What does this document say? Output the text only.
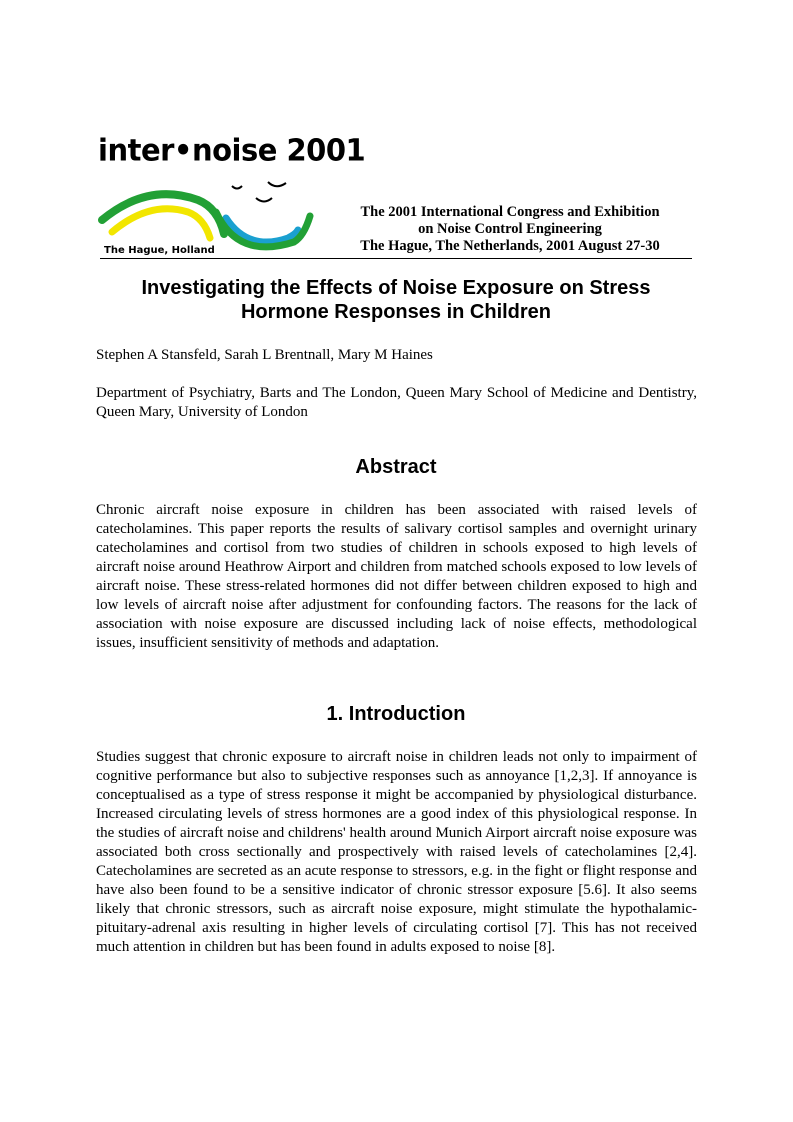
inter•noise 2001
The Hague, Holland
The 2001 International Congress and Exhibition
on Noise Control Engineering
The Hague, The Netherlands, 2001 August 27-30
Investigating the Effects of Noise Exposure on Stress
Hormone Responses in Children
Stephen A Stansfeld, Sarah L Brentnall, Mary M Haines
Department of Psychiatry, Barts and The London, Queen Mary School of Medicine and Dentistry, Queen Mary, University of London
Abstract
Chronic aircraft noise exposure in children has been associated with raised levels of catecholamines. This paper reports the results of salivary cortisol samples and overnight urinary catecholamines and cortisol from two studies of children in schools exposed to high levels of aircraft noise around Heathrow Airport and children from matched schools exposed to low levels of aircraft noise. These stress-related hormones did not differ between children exposed to high and low levels of aircraft noise after adjustment for confounding factors. The reasons for the lack of association with noise exposure are discussed including lack of noise effects, methodological issues, insufficient sensitivity of methods and adaptation.
1. Introduction
Studies suggest that chronic exposure to aircraft noise in children leads not only to impairment of cognitive performance but also to subjective responses such as annoyance [1,2,3]. If annoyance is conceptualised as a type of stress response it might be accompanied by physiological disturbance. Increased circulating levels of stress hormones are a good index of this physiological response. In the studies of aircraft noise and childrens' health around Munich Airport aircraft noise exposure was associated both cross sectionally and prospectively with raised levels of catecholamines [2,4]. Catecholamines are secreted as an acute response to stressors, e.g. in the fight or flight response and have also been found to be a sensitive indicator of chronic stressor exposure [5.6]. It also seems likely that chronic stressors, such as aircraft noise exposure, might stimulate the hypothalamic-pituitary-adrenal axis resulting in higher levels of circulating cortisol [7]. This has not received much attention in children but has been found in adults exposed to noise [8].
